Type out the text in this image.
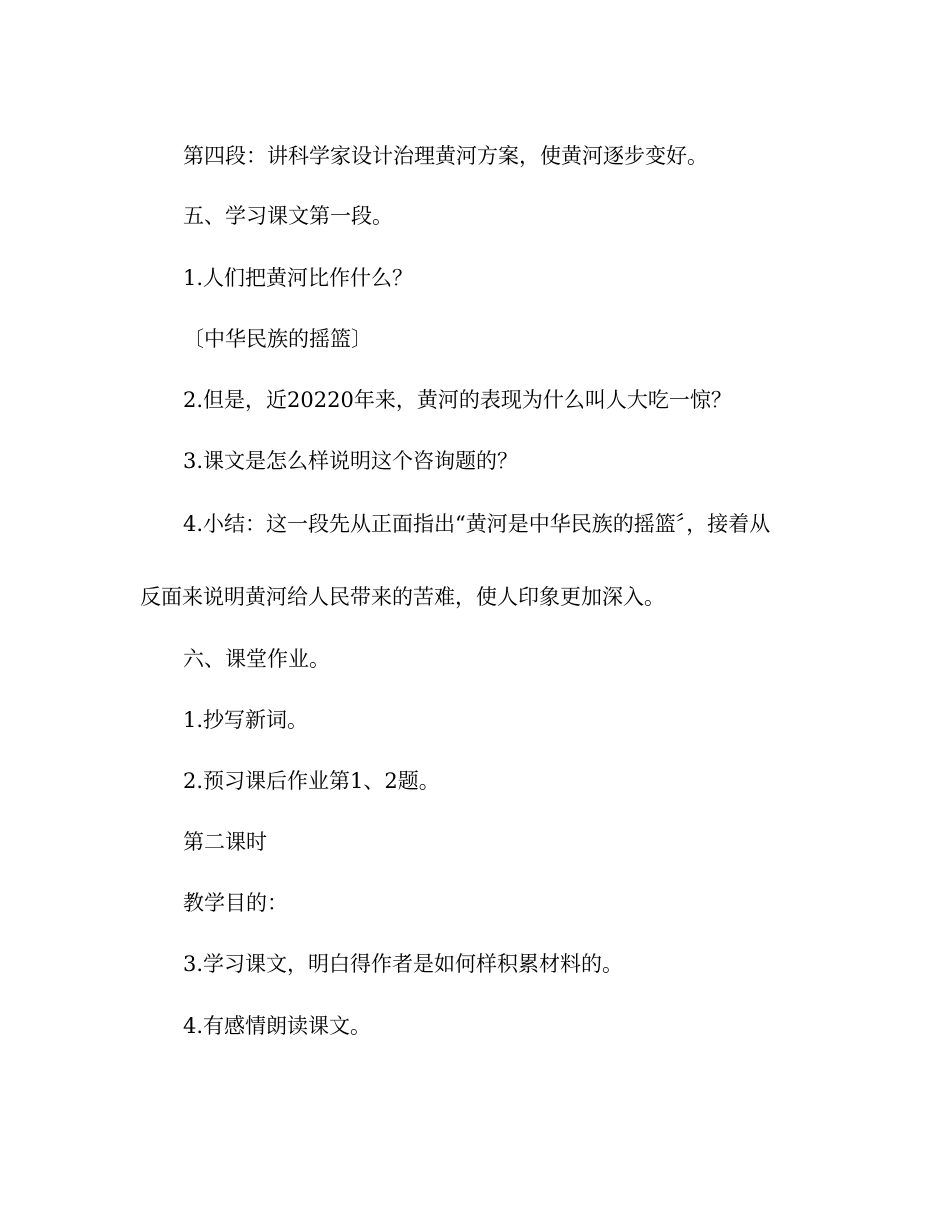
第四段：讲科学家设计治理黄河方案，使黄河逐步变好。
五、学习课文第一段。
1.人们把黄河比作什么？
〔中华民族的摇篮〕
2.但是，近20220年来，黄河的表现为什么叫人大吃一惊？
3.课文是怎么样说明这个咨询题的？
4.小结：这一段先从正面指出“黄河是中华民族的摇篮〞，接着从
反面来说明黄河给人民带来的苦难，使人印象更加深入。
六、课堂作业。
1.抄写新词。
2.预习课后作业第1、2题。
第二课时
教学目的：
3.学习课文，明白得作者是如何样积累材料的。
4.有感情朗读课文。
